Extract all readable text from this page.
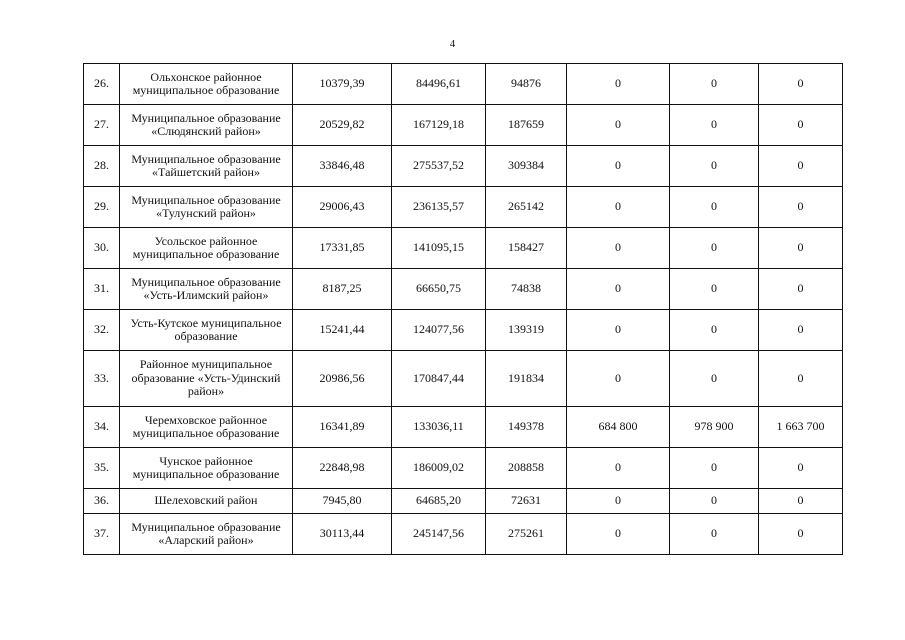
4
26.	Ольхонское районное
муниципальное образование	10379,39	84496,61	94876	0	0	0
27.	Муниципальное образование
«Слюдянский район»	20529,82	167129,18	187659	0	0	0
28.	Муниципальное образование
«Тайшетский район»	33846,48	275537,52	309384	0	0	0
29.	Муниципальное образование
«Тулунский район»	29006,43	236135,57	265142	0	0	0
30.	Усольское районное
муниципальное образование	17331,85	141095,15	158427	0	0	0
31.	Муниципальное образование
«Усть-Илимский район»	8187,25	66650,75	74838	0	0	0
32.	Усть-Кутское муниципальное
образование	15241,44	124077,56	139319	0	0	0
33.	Районное муниципальное
образование «Усть-Удинский
район»	20986,56	170847,44	191834	0	0	0
34.	Черемховское районное
муниципальное образование	16341,89	133036,11	149378	684 800	978 900	1 663 700
35.	Чунское районное
муниципальное образование	22848,98	186009,02	208858	0	0	0
36.	Шелеховский район	7945,80	64685,20	72631	0	0	0
37.	Муниципальное образование
«Аларский район»	30113,44	245147,56	275261	0	0	0
